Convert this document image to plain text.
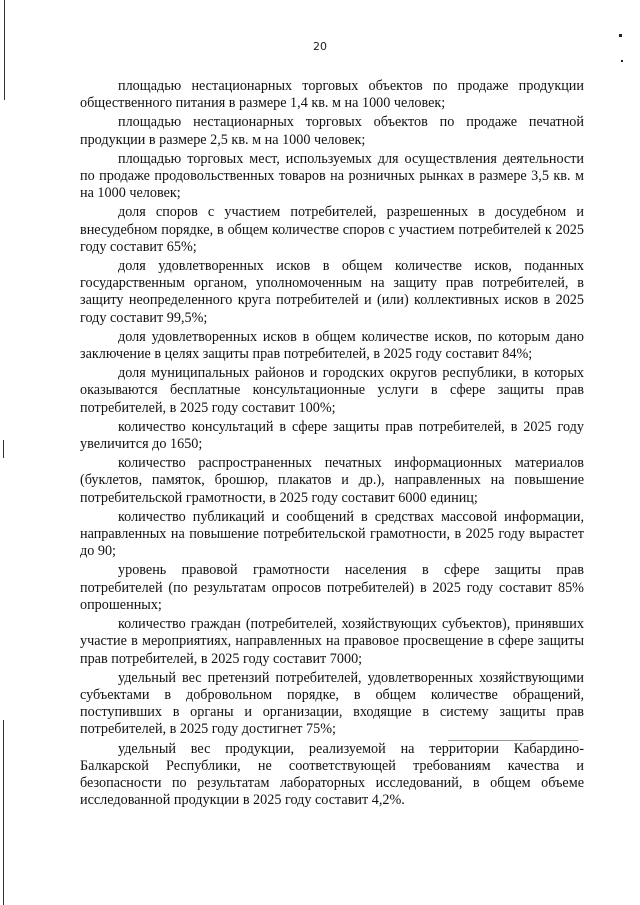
20

площадью нестационарных торговых объектов по продаже продукции общественного питания в размере 1,4 кв. м на 1000 человек;

площадью нестационарных торговых объектов по продаже печатной продукции в размере 2,5 кв. м на 1000 человек;

площадью торговых мест, используемых для осуществления деятельности по продаже продовольственных товаров на розничных рынках в размере 3,5 кв. м на 1000 человек;

доля споров с участием потребителей, разрешенных в досудебном и внесудебном порядке, в общем количестве споров с участием потребителей к 2025 году составит 65%;

доля удовлетворенных исков в общем количестве исков, поданных государственным органом, уполномоченным на защиту прав потребителей, в защиту неопределенного круга потребителей и (или) коллективных исков в 2025 году составит 99,5%;

доля удовлетворенных исков в общем количестве исков, по которым дано заключение в целях защиты прав потребителей, в 2025 году составит 84%;

доля муниципальных районов и городских округов республики, в которых оказываются бесплатные консультационные услуги в сфере защиты прав потребителей, в 2025 году составит 100%;

количество консультаций в сфере защиты прав потребителей, в 2025 году увеличится до 1650;

количество распространенных печатных информационных материалов (буклетов, памяток, брошюр, плакатов и др.), направленных на повышение потребительской грамотности, в 2025 году составит 6000 единиц;

количество публикаций и сообщений в средствах массовой информации, направленных на повышение потребительской грамотности, в 2025 году вырастет до 90;

уровень правовой грамотности населения в сфере защиты прав потребителей (по результатам опросов потребителей) в 2025 году составит 85% опрошенных;

количество граждан (потребителей, хозяйствующих субъектов), принявших участие в мероприятиях, направленных на правовое просвещение в сфере защиты прав потребителей, в 2025 году составит 7000;

удельный вес претензий потребителей, удовлетворенных хозяйствующими субъектами в добровольном порядке, в общем количестве обращений, поступивших в органы и организации, входящие в систему защиты прав потребителей, в 2025 году достигнет 75%;

удельный вес продукции, реализуемой на территории Кабардино-Балкарской Республики, не соответствующей требованиям качества и безопасности по результатам лабораторных исследований, в общем объеме исследованной продукции в 2025 году составит 4,2%.
